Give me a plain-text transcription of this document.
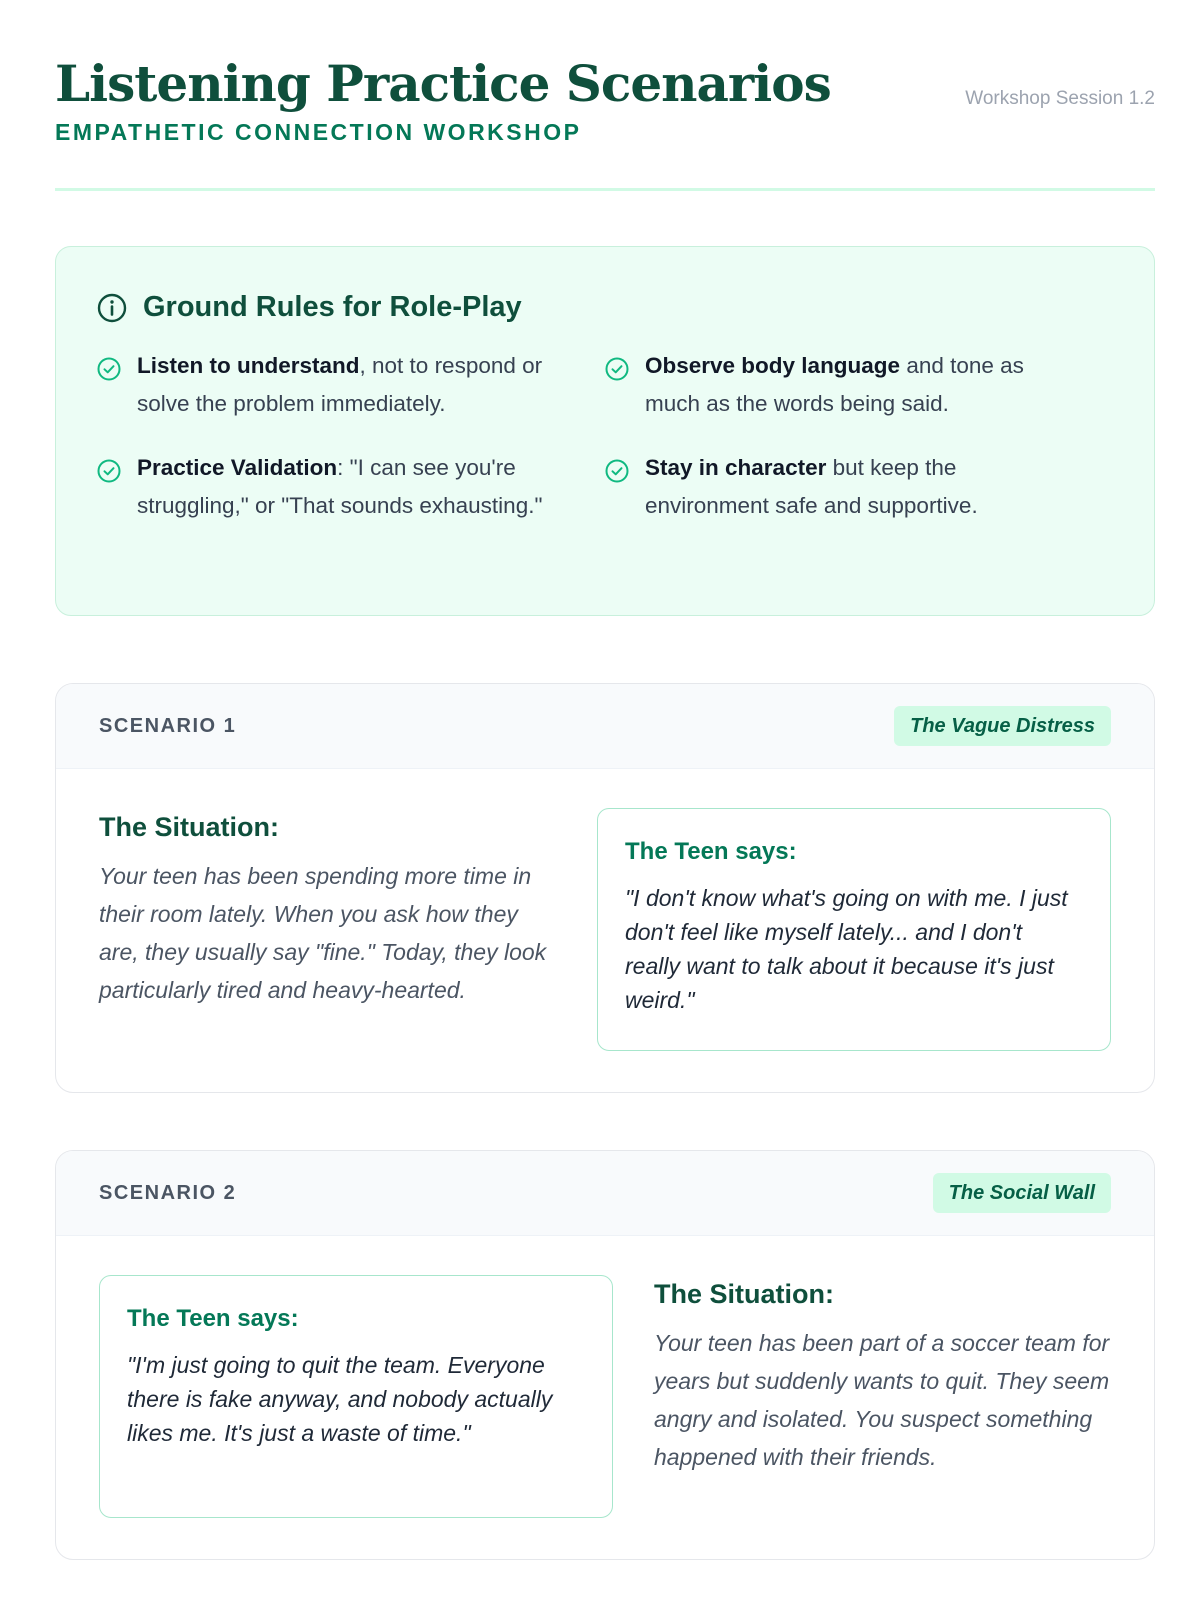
Listening Practice Scenarios
EMPATHETIC CONNECTION WORKSHOP
Workshop Session 1.2
Ground Rules for Role-Play
Listen to understand, not to respond or solve the problem immediately.
Observe body language and tone as much as the words being said.
Practice Validation: "I can see you're struggling," or "That sounds exhausting."
Stay in character but keep the environment safe and supportive.
SCENARIO 1	The Vague Distress
The Situation:
Your teen has been spending more time in their room lately. When you ask how they are, they usually say "fine." Today, they look particularly tired and heavy-hearted.
The Teen says:
"I don't know what's going on with me. I just don't feel like myself lately... and I don't really want to talk about it because it's just weird."
SCENARIO 2	The Social Wall
The Teen says:
"I'm just going to quit the team. Everyone there is fake anyway, and nobody actually likes me. It's just a waste of time."
The Situation:
Your teen has been part of a soccer team for years but suddenly wants to quit. They seem angry and isolated. You suspect something happened with their friends.
